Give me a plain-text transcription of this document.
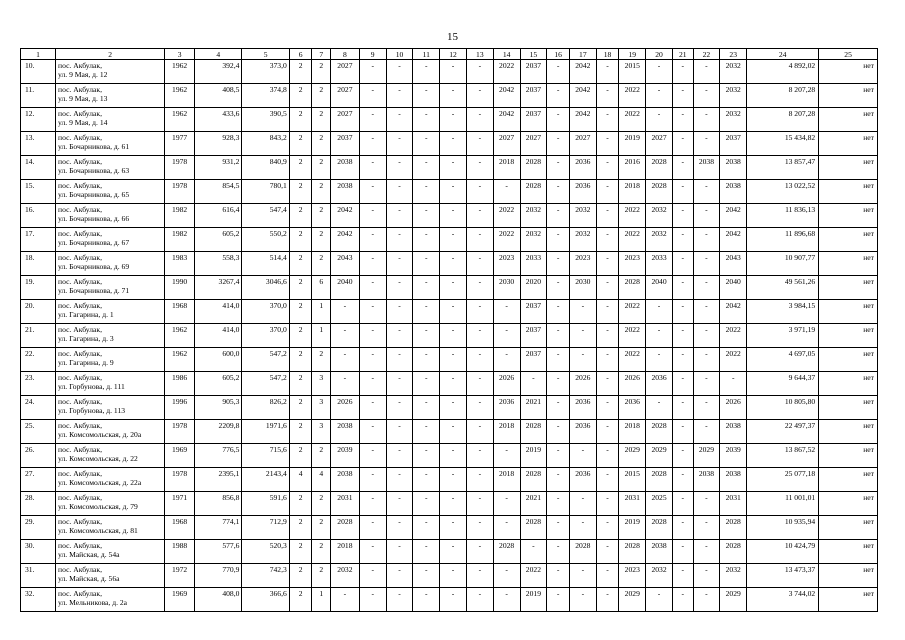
15
1	2	3	4	5	6	7	8	9	10	11	12	13	14	15	16	17	18	19	20	21	22	23	24	25
10.	пос. Акбулак,
ул. 9 Мая, д. 12	1962	392,4	373,0	2	2	2027	-	-	-	-	-	2022	2037	-	2042	-	2015	-	-	-	2032	4 892,02	нет
11.	пос. Акбулак,
ул. 9 Мая, д. 13	1962	408,5	374,8	2	2	2027	-	-	-	-	-	2042	2037	-	2042	-	2022	-	-	-	2032	8 207,28	нет
12.	пос. Акбулак,
ул. 9 Мая, д. 14	1962	433,6	390,5	2	2	2027	-	-	-	-	-	2042	2037	-	2042	-	2022	-	-	-	2032	8 207,28	нет
13.	пос. Акбулак,
ул. Бочарникова, д. 61	1977	928,3	843,2	2	2	2037	-	-	-	-	-	2027	2027	-	2027	-	2019	2027	-	-	2037	15 434,82	нет
14.	пос. Акбулак,
ул. Бочарникова, д. 63	1978	931,2	840,9	2	2	2038	-	-	-	-	-	2018	2028	-	2036	-	2016	2028	-	2038	2038	13 857,47	нет
15.	пос. Акбулак,
ул. Бочарникова, д. 65	1978	854,5	780,1	2	2	2038	-	-	-	-	-	-	2028	-	2036	-	2018	2028	-	-	2038	13 022,52	нет
16.	пос. Акбулак,
ул. Бочарникова, д. 66	1982	616,4	547,4	2	2	2042	-	-	-	-	-	2022	2032	-	2032	-	2022	2032	-	-	2042	11 836,13	нет
17.	пос. Акбулак,
ул. Бочарникова, д. 67	1982	605,2	550,2	2	2	2042	-	-	-	-	-	2022	2032	-	2032	-	2022	2032	-	-	2042	11 896,68	нет
18.	пос. Акбулак,
ул. Бочарникова, д. 69	1983	558,3	514,4	2	2	2043	-	-	-	-	-	2023	2033	-	2023	-	2023	2033	-	-	2043	10 907,77	нет
19.	пос. Акбулак,
ул. Бочарникова, д. 71	1990	3267,4	3046,6	2	6	2040	-	-	-	-	-	2030	2020	-	2030	-	2028	2040	-	-	2040	49 561,26	нет
20.	пос. Акбулак,
ул. Гагарина, д. 1	1968	414,0	370,0	2	1	-	-	-	-	-	-	-	2037	-	-	-	2022	-	-	-	2042	3 984,15	нет
21.	пос. Акбулак,
ул. Гагарина, д. 3	1962	414,0	370,0	2	1	-	-	-	-	-	-	-	2037	-	-	-	2022	-	-	-	2022	3 971,19	нет
22.	пос. Акбулак,
ул. Гагарина, д. 9	1962	600,0	547,2	2	2	-	-	-	-	-	-	-	2037	-	-	-	2022	-	-	-	2022	4 697,05	нет
23.	пос. Акбулак,
ул. Горбунова, д. 111	1986	605,2	547,2	2	3	-	-	-	-	-	-	2026	-	-	2026	-	2026	2036	-	-	-	9 644,37	нет
24.	пос. Акбулак,
ул. Горбунова, д. 113	1996	905,3	826,2	2	3	2026	-	-	-	-	-	2036	2021	-	2036	-	2036	-	-	-	2026	10 805,80	нет
25.	пос. Акбулак,
ул. Комсомольская, д. 20а	1978	2209,8	1971,6	2	3	2038	-	-	-	-	-	2018	2028	-	2036	-	2018	2028	-	-	2038	22 497,37	нет
26.	пос. Акбулак,
ул. Комсомольская, д. 22	1969	776,5	715,6	2	2	2039	-	-	-	-	-	-	2019	-	-	-	2029	2029	-	2029	2039	13 867,52	нет
27.	пос. Акбулак,
ул. Комсомольская, д. 22а	1978	2395,1	2143,4	4	4	2038	-	-	-	-	-	2018	2028	-	2036	-	2015	2028	-	2038	2038	25 077,18	нет
28.	пос. Акбулак,
ул. Комсомольская, д. 79	1971	856,8	591,6	2	2	2031	-	-	-	-	-	-	2021	-	-	-	2031	2025	-	-	2031	11 001,01	нет
29.	пос. Акбулак,
ул. Комсомольская, д. 81	1968	774,1	712,9	2	2	2028	-	-	-	-	-	-	2028	-	-	-	2019	2028	-	-	2028	10 935,94	нет
30.	пос. Акбулак,
ул. Майская, д. 54а	1988	577,6	520,3	2	2	2018	-	-	-	-	-	2028	-	-	2028	-	2028	2038	-	-	2028	10 424,79	нет
31.	пос. Акбулак,
ул. Майская, д. 56а	1972	770,9	742,3	2	2	2032	-	-	-	-	-	-	2022	-	-	-	2023	2032	-	-	2032	13 473,37	нет
32.	пос. Акбулак,
ул. Мельникова, д. 2а	1969	408,0	366,6	2	1	-	-	-	-	-	-	-	2019	-	-	-	2029	-	-	-	2029	3 744,02	нет
